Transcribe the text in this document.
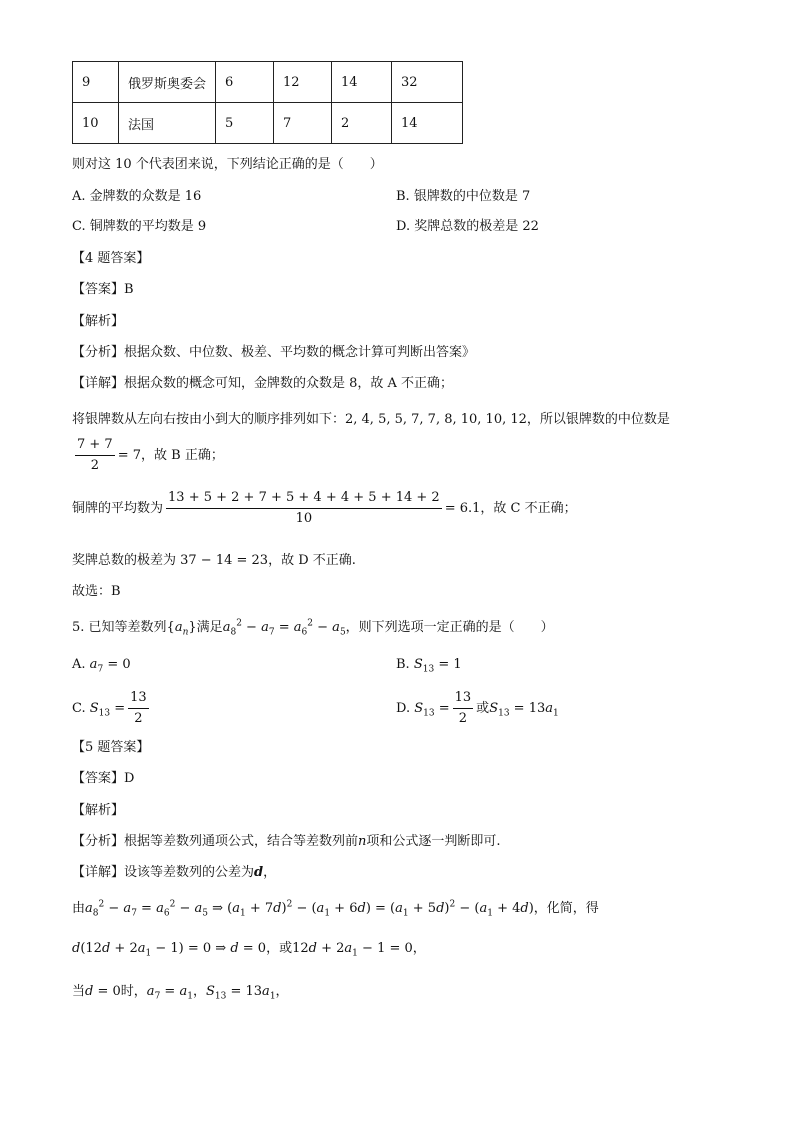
9	俄罗斯奥委会	6	12	14	32
10	法国	5	7	2	14
则对这 10 个代表团来说，下列结论正确的是（　　）
A. 金牌数的众数是 16	B. 银牌数的中位数是 7
C. 铜牌数的平均数是 9	D. 奖牌总数的极差是 22
【4 题答案】
【答案】B
【解析】
【分析】根据众数、中位数、极差、平均数的概念计算可判断出答案》
【详解】根据众数的概念可知，金牌数的众数是 8，故 A 不正确；
将银牌数从左向右按由小到大的顺序排列如下：2, 4, 5, 5, 7, 7, 8, 10, 10, 12，所以银牌数的中位数是
$\frac{7 + 7}{2} = 7$，故 B 正确；
铜牌的平均数为 $\frac{13 + 5 + 2 + 7 + 5 + 4 + 4 + 5 + 14 + 2}{10} = 6.1$，故 C 不正确；
奖牌总数的极差为 37 − 14 = 23，故 D 不正确.
故选：B
5. 已知等差数列$\{a_n\}$满足$a_8^2 - a_7 = a_6^2 - a_5$，则下列选项一定正确的是（　　）
A. $a_7 = 0$	B. $S_{13} = 1$
C. $S_{13} = \frac{13}{2}$	D. $S_{13} = \frac{13}{2}$ 或$S_{13} = 13a_1$
【5 题答案】
【答案】D
【解析】
【分析】根据等差数列通项公式，结合等差数列前n项和公式逐一判断即可.
【详解】设该等差数列的公差为d，
由$a_8^2 - a_7 = a_6^2 - a_5$ ⇒ $(a_1 + 7d)^2 - (a_1 + 6d) = (a_1 + 5d)^2 - (a_1 + 4d)$，化简，得
$d(12d + 2a_1 - 1) = 0$ ⇒ d = 0，或$12d + 2a_1 - 1 = 0$，
当d = 0时，$a_7 = a_1$，$S_{13} = 13a_1$，
